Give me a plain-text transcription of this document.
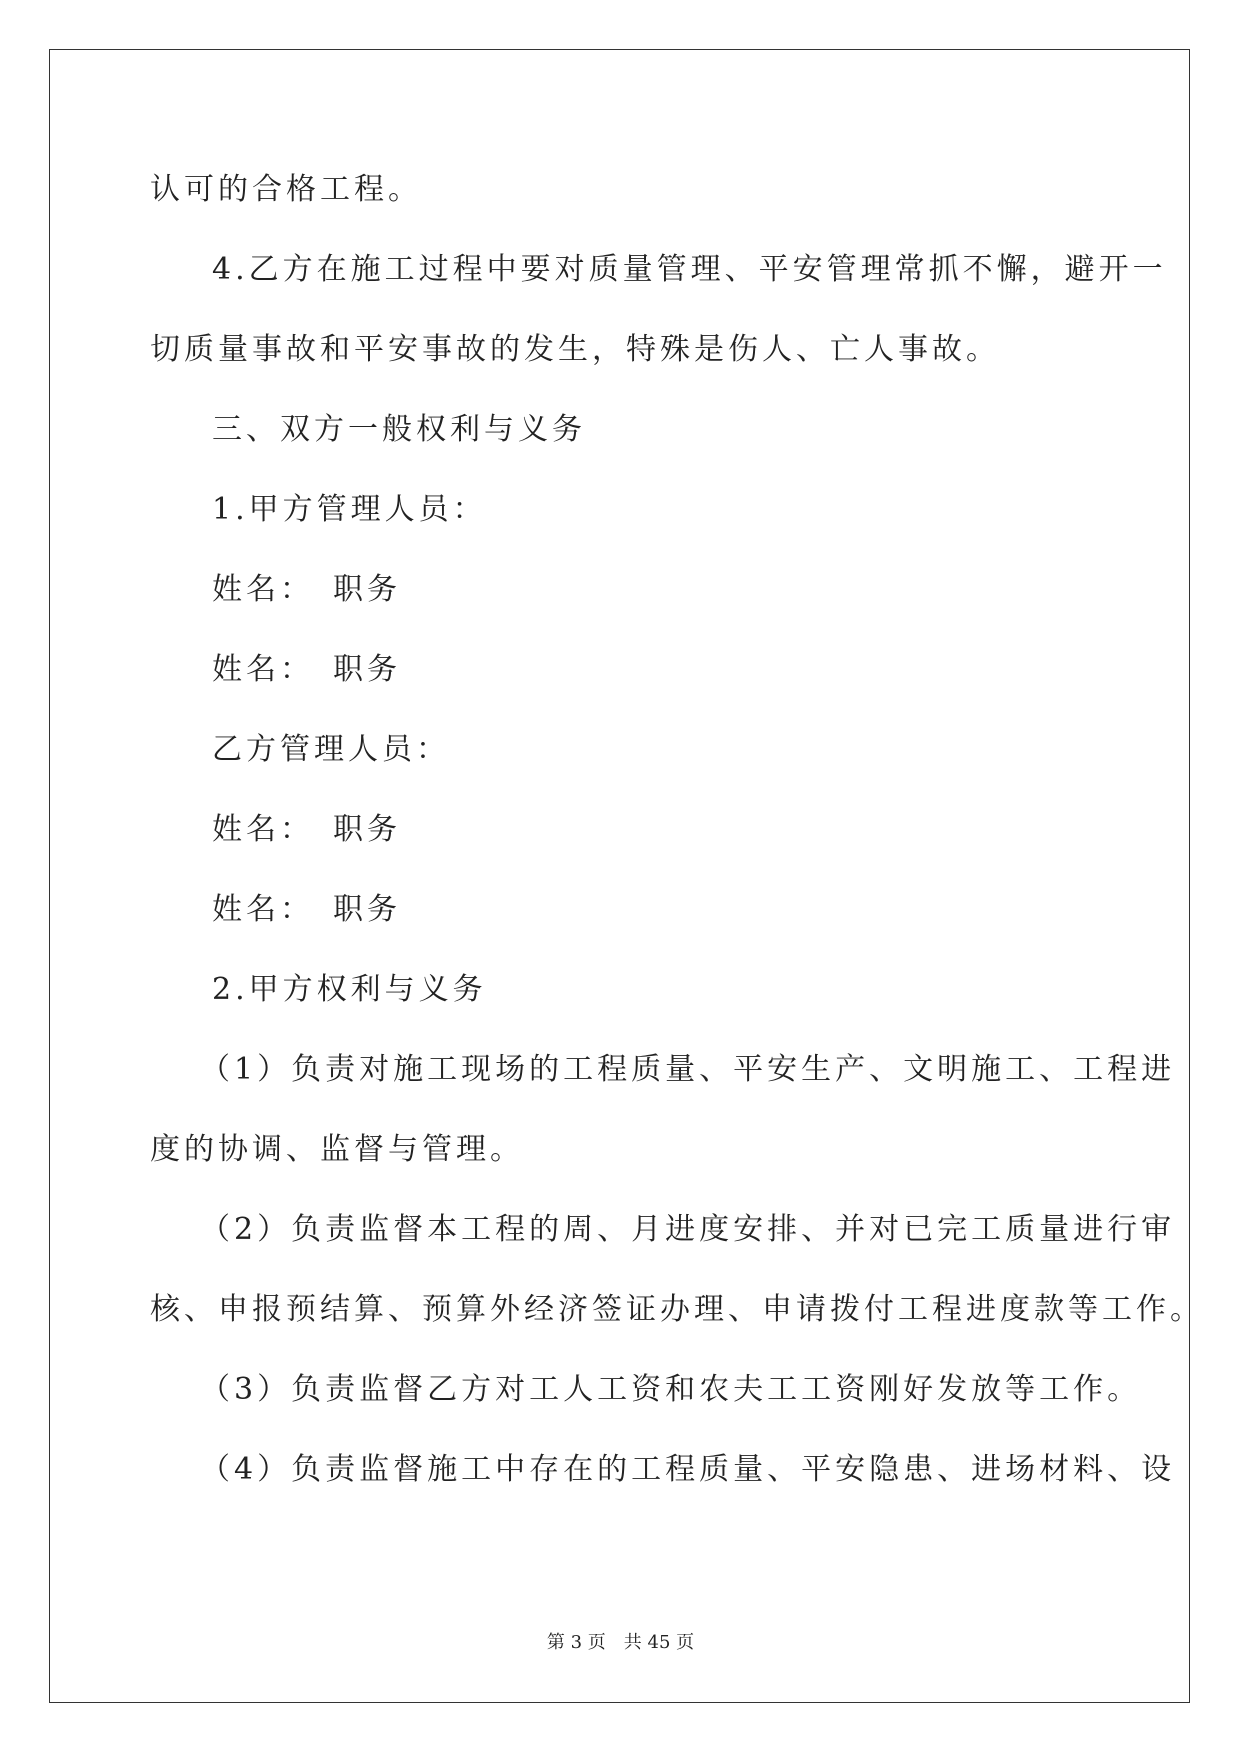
认可的合格工程。
4.乙方在施工过程中要对质量管理、平安管理常抓不懈，避开一
切质量事故和平安事故的发生，特殊是伤人、亡人事故。
三、双方一般权利与义务
1.甲方管理人员：
姓名：　职务
姓名：　职务
乙方管理人员：
姓名：　职务
姓名：　职务
2.甲方权利与义务
（1）负责对施工现场的工程质量、平安生产、文明施工、工程进
度的协调、监督与管理。
（2）负责监督本工程的周、月进度安排、并对已完工质量进行审
核、申报预结算、预算外经济签证办理、申请拨付工程进度款等工作。
（3）负责监督乙方对工人工资和农夫工工资刚好发放等工作。
（4）负责监督施工中存在的工程质量、平安隐患、进场材料、设
第 3 页　共 45 页
